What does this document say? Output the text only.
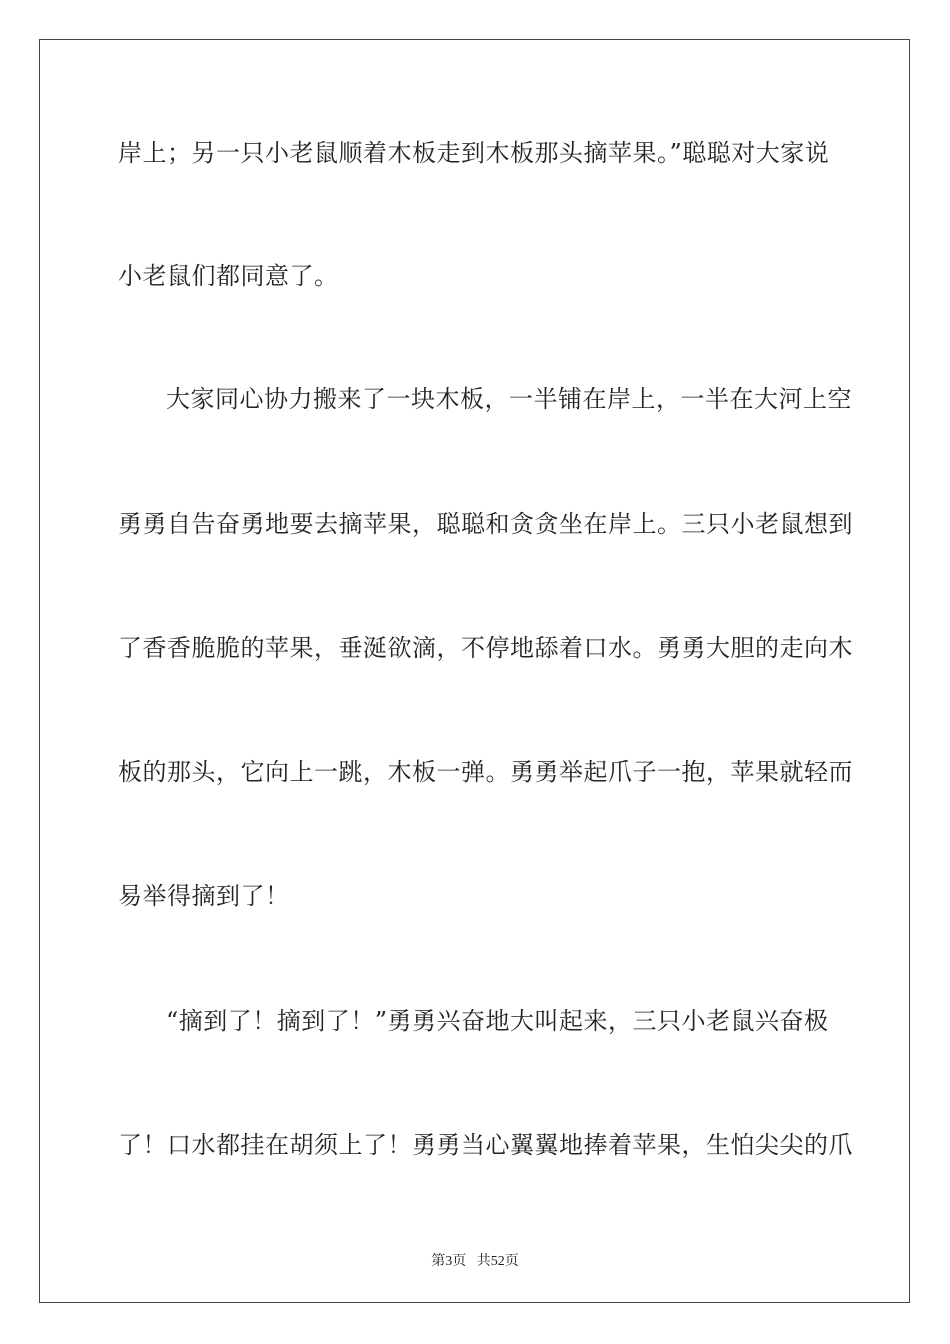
岸上；另一只小老鼠顺着木板走到木板那头摘苹果。”聪聪对大家说
小老鼠们都同意了。
大家同心协力搬来了一块木板，一半铺在岸上，一半在大河上空
勇勇自告奋勇地要去摘苹果，聪聪和贪贪坐在岸上。三只小老鼠想到
了香香脆脆的苹果，垂涎欲滴，不停地舔着口水。勇勇大胆的走向木
板的那头，它向上一跳，木板一弹。勇勇举起爪子一抱，苹果就轻而
易举得摘到了！
“摘到了！摘到了！”勇勇兴奋地大叫起来，三只小老鼠兴奋极
了！口水都挂在胡须上了！勇勇当心翼翼地捧着苹果，生怕尖尖的爪
第3页 共52页
